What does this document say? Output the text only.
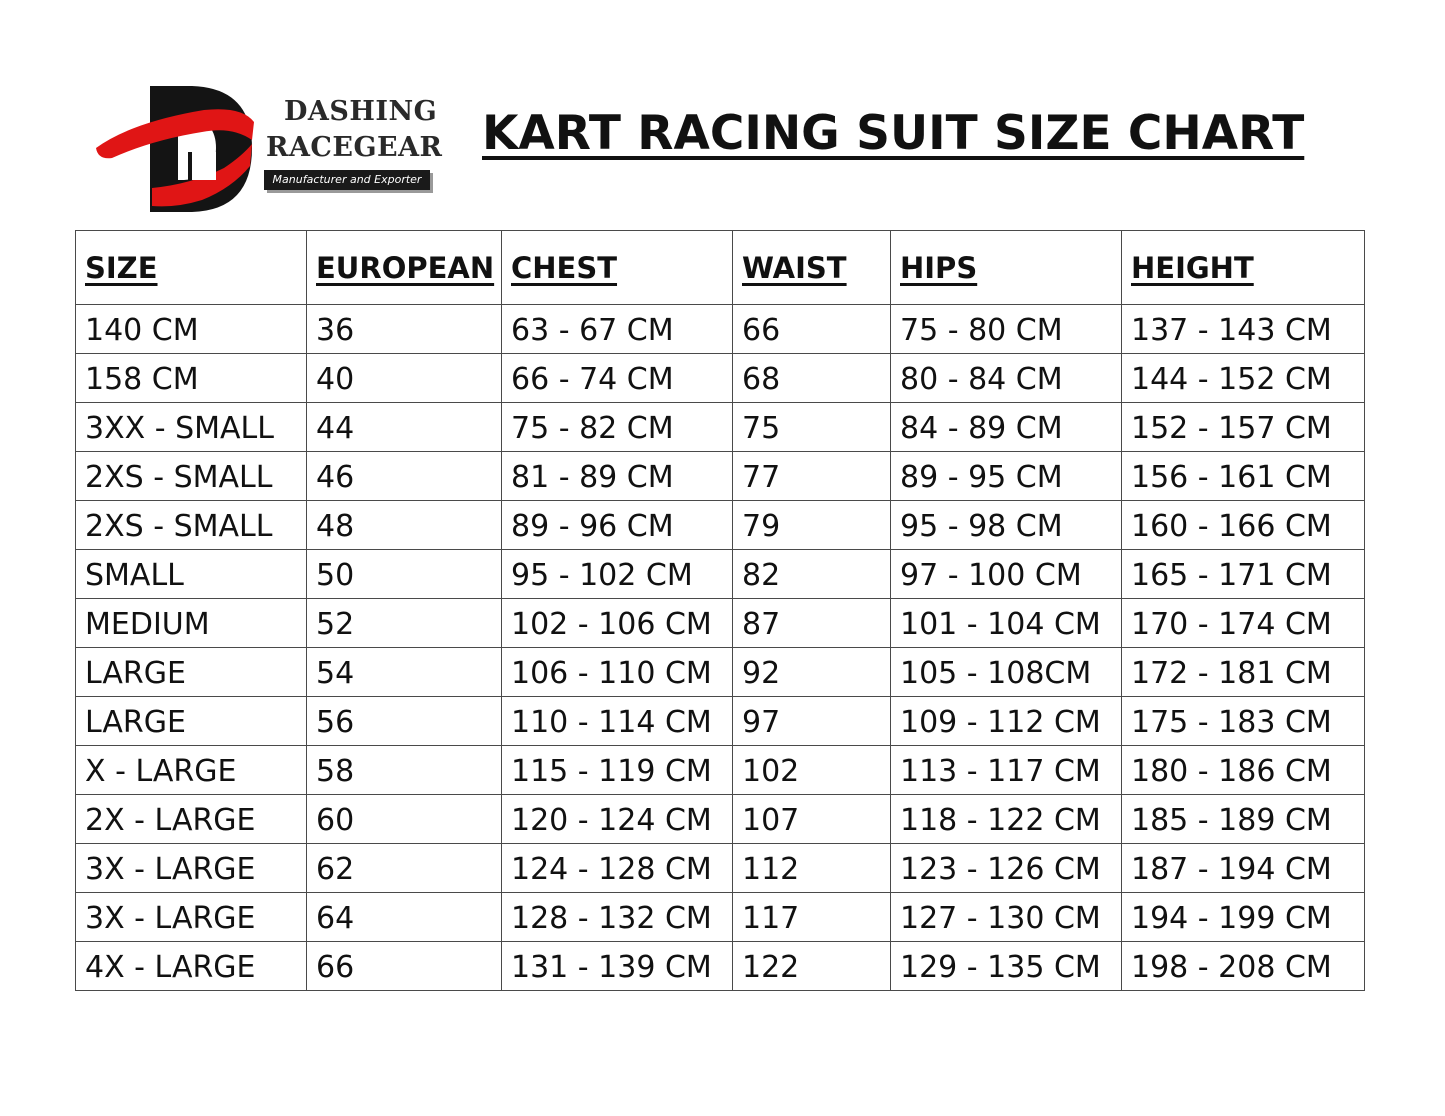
DASHING
RACEGEAR
Manufacturer and Exporter
KART RACING SUIT SIZE CHART
SIZE	EUROPEAN	CHEST	WAIST	HIPS	HEIGHT
140 CM	36	63 - 67 CM	66	75 - 80 CM	137 - 143 CM
158 CM	40	66 - 74 CM	68	80 - 84 CM	144 - 152 CM
3XX - SMALL	44	75 - 82 CM	75	84 - 89 CM	152 - 157 CM
2XS - SMALL	46	81 - 89 CM	77	89 - 95 CM	156 - 161 CM
2XS - SMALL	48	89 - 96 CM	79	95 - 98 CM	160 - 166 CM
SMALL	50	95 - 102 CM	82	97 - 100 CM	165 - 171 CM
MEDIUM	52	102 - 106 CM	87	101 - 104 CM	170 - 174 CM
LARGE	54	106 - 110 CM	92	105 - 108CM	172 - 181 CM
LARGE	56	110 - 114 CM	97	109 - 112 CM	175 - 183 CM
X - LARGE	58	115 - 119 CM	102	113 - 117 CM	180 - 186 CM
2X - LARGE	60	120 - 124 CM	107	118 - 122 CM	185 - 189 CM
3X - LARGE	62	124 - 128 CM	112	123 - 126 CM	187 - 194 CM
3X - LARGE	64	128 - 132 CM	117	127 - 130 CM	194 - 199 CM
4X - LARGE	66	131 - 139 CM	122	129 - 135 CM	198 - 208 CM
